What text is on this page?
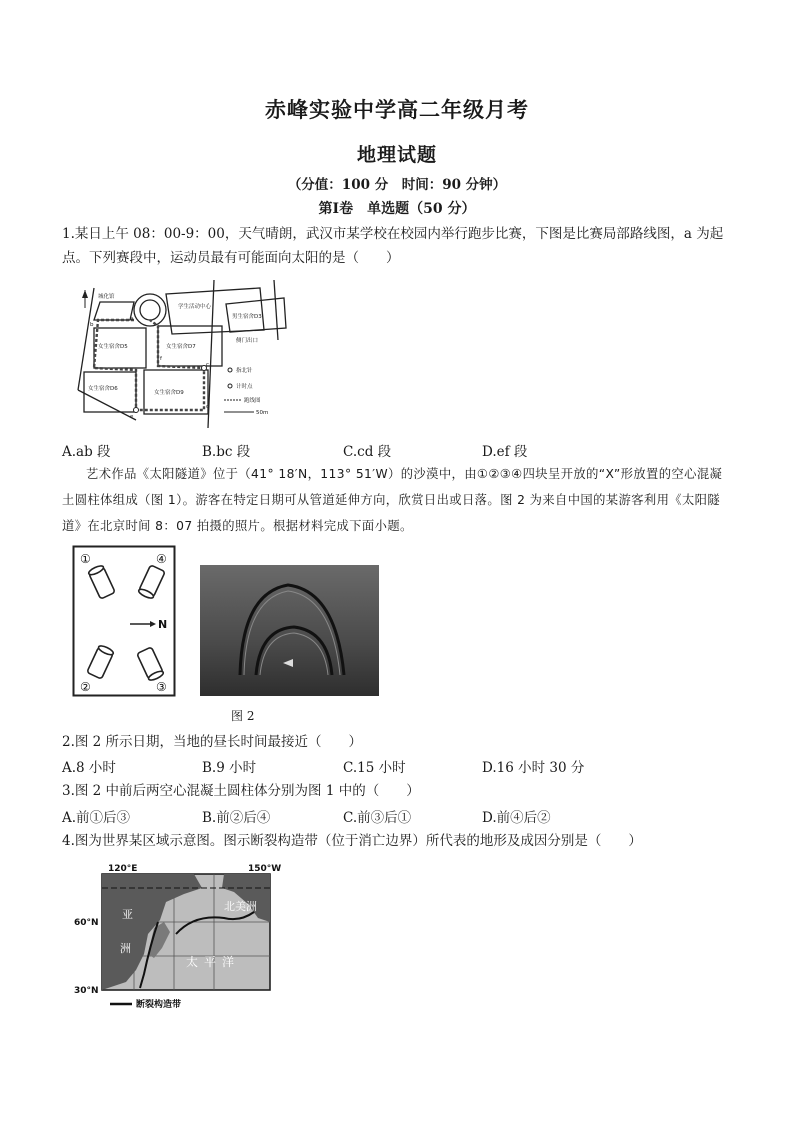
赤峰实验中学高二年级月考
地理试题
（分值：100 分　时间：90 分钟）
第Ⅰ卷　单选题（50 分）
1.某日上午 08：00-9：00，天气晴朗，武汉市某学校在校园内举行跑步比赛，下图是比赛局部路线图，a 为起点。下列赛段中，运动员最有可能面向太阳的是（　　）
城化馆
学生活动中心
男生宿舍D3
侧门出口
女生宿舍D5	女生宿舍D7
女生宿舍D6
女生宿舍D9
指北针
计时点
跑线图
50m
a
b
c
d
e
f
A.ab 段	B.bc 段	C.cd 段	D.ef 段
艺术作品《太阳隧道》位于（41° 18′N，113° 51′W）的沙漠中，由①②③④四块呈开放的“X”形放置的空心混凝土圆柱体组成（图 1）。游客在特定日期可从管道延伸方向，欣赏日出或日落。图 2 为来自中国的某游客利用《太阳隧道》在北京时间 8：07 拍摄的照片。根据材料完成下面小题。
①	④
②	③
N
图 2
2.图 2 所示日期，当地的昼长时间最接近（　　）
A.8 小时	B.9 小时	C.15 小时	D.16 小时 30 分
3.图 2 中前后两空心混凝土圆柱体分别为图 1 中的（　　）
A.前①后③	B.前②后④	C.前③后①	D.前④后②
4.图为世界某区域示意图。图示断裂构造带（位于消亡边界）所代表的地形及成因分别是（　　）
120°E	150°W
60°N
30°N
亚
洲
北美洲
太平洋
断裂构造带
